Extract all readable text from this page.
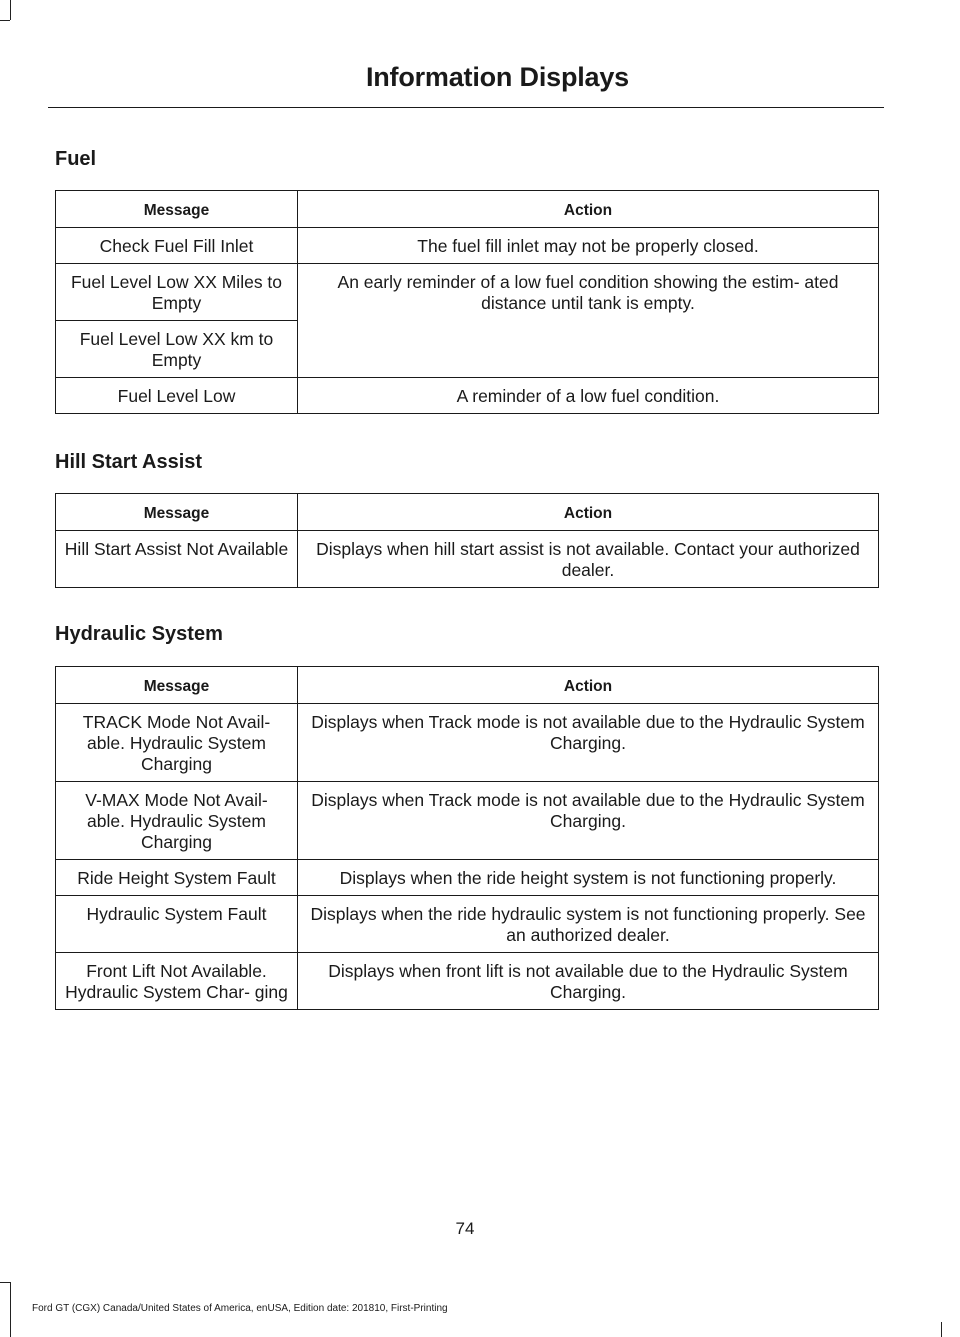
Information Displays
Fuel
Message	Action
Check Fuel Fill Inlet	The fuel fill inlet may not be properly closed.
Fuel Level Low XX Miles to Empty	An early reminder of a low fuel condition showing the estim- ated distance until tank is empty.
Fuel Level Low XX km to Empty	
Fuel Level Low	A reminder of a low fuel condition.
Hill Start Assist
Message	Action
Hill Start Assist Not Available	Displays when hill start assist is not available. Contact your authorized dealer.
Hydraulic System
Message	Action
TRACK Mode Not Avail- able. Hydraulic System Charging	Displays when Track mode is not available due to the Hydraulic System Charging.
V-MAX Mode Not Avail- able. Hydraulic System Charging	Displays when Track mode is not available due to the Hydraulic System Charging.
Ride Height System Fault	Displays when the ride height system is not functioning properly.
Hydraulic System Fault	Displays when the ride hydraulic system is not functioning properly. See an authorized dealer.
Front Lift Not Available. Hydraulic System Char- ging	Displays when front lift is not available due to the Hydraulic System Charging.
74
Ford GT (CGX) Canada/United States of America, enUSA, Edition date: 201810, First-Printing
